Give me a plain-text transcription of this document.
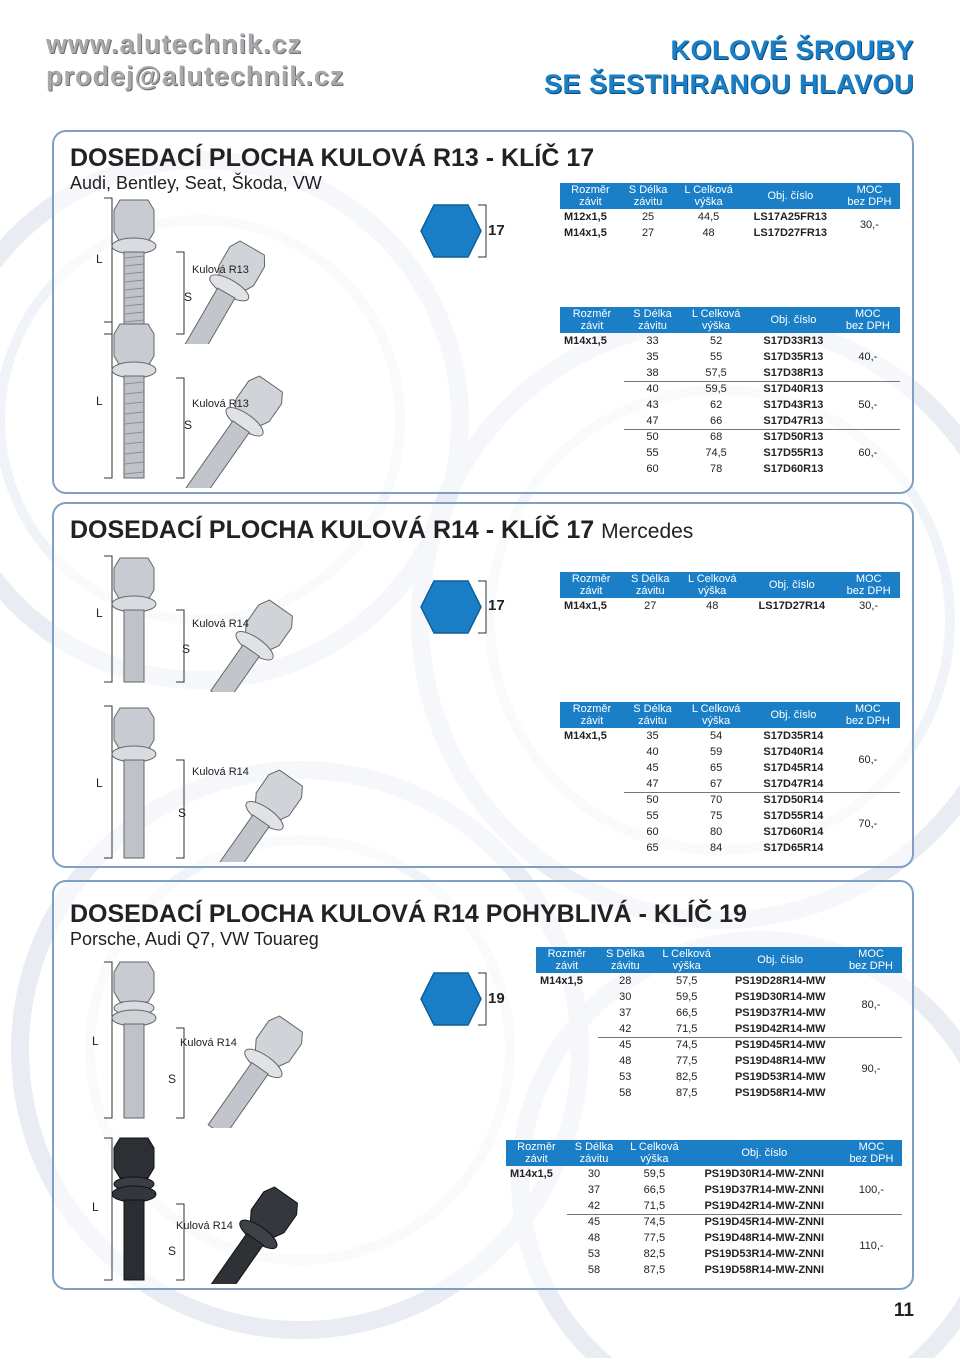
www.alutechnik.cz
prodej@alutechnik.cz
KOLOVÉ ŠROUBY
SE ŠESTIHRANOU HLAVOU
DOSEDACÍ PLOCHA KULOVÁ R13 - KLÍČ 17
Audi, Bentley, Seat, Škoda, VW
17
L
S
Kulová R13
Rozměr
závit	S Délka
závitu	L Celková
výška	Obj. číslo	MOC
bez DPH
M12x1,5	25	44,5	LS17A25FR13	30,-
M14x1,5	27	48	LS17D27FR13	
L
S
Kulová R13
Rozměr
závit	S Délka
závitu	L Celková
výška	Obj. číslo	MOC
bez DPH
M14x1,5	33	52	S17D33R13	40,-
	35	55	S17D35R13	
	38	57,5	S17D38R13	
	40	59,5	S17D40R13	50,-
	43	62	S17D43R13	
	47	66	S17D47R13	
	50	68	S17D50R13	60,-
	55	74,5	S17D55R13	
	60	78	S17D60R13	
DOSEDACÍ PLOCHA KULOVÁ R14 - KLÍČ 17 Mercedes
17
L
S
Kulová R14
Rozměr
závit	S Délka
závitu	L Celková
výška	Obj. číslo	MOC
bez DPH
M14x1,5	27	48	LS17D27R14	30,-
L
S
Kulová R14
Rozměr
závit	S Délka
závitu	L Celková
výška	Obj. číslo	MOC
bez DPH
M14x1,5	35	54	S17D35R14	60,-
	40	59	S17D40R14	
	45	65	S17D45R14	
	47	67	S17D47R14	
	50	70	S17D50R14	70,-
	55	75	S17D55R14	
	60	80	S17D60R14	
	65	84	S17D65R14	
DOSEDACÍ PLOCHA KULOVÁ R14 POHYBLIVÁ - KLÍČ 19
Porsche, Audi Q7, VW Touareg
19
L
S
Kulová R14
Rozměr
závit	S Délka
závitu	L Celková
výška	Obj. číslo	MOC
bez DPH
M14x1,5	28	57,5	PS19D28R14-MW	80,-
	30	59,5	PS19D30R14-MW	
	37	66,5	PS19D37R14-MW	
	42	71,5	PS19D42R14-MW	
	45	74,5	PS19D45R14-MW	90,-
	48	77,5	PS19D48R14-MW	
	53	82,5	PS19D53R14-MW	
	58	87,5	PS19D58R14-MW	
L
S
Kulová R14
Rozměr
závit	S Délka
závitu	L Celková
výška	Obj. číslo	MOC
bez DPH
M14x1,5	30	59,5	PS19D30R14-MW-ZNNI	100,-
	37	66,5	PS19D37R14-MW-ZNNI	
	42	71,5	PS19D42R14-MW-ZNNI	
	45	74,5	PS19D45R14-MW-ZNNI	110,-
	48	77,5	PS19D48R14-MW-ZNNI	
	53	82,5	PS19D53R14-MW-ZNNI	
	58	87,5	PS19D58R14-MW-ZNNI	
11
